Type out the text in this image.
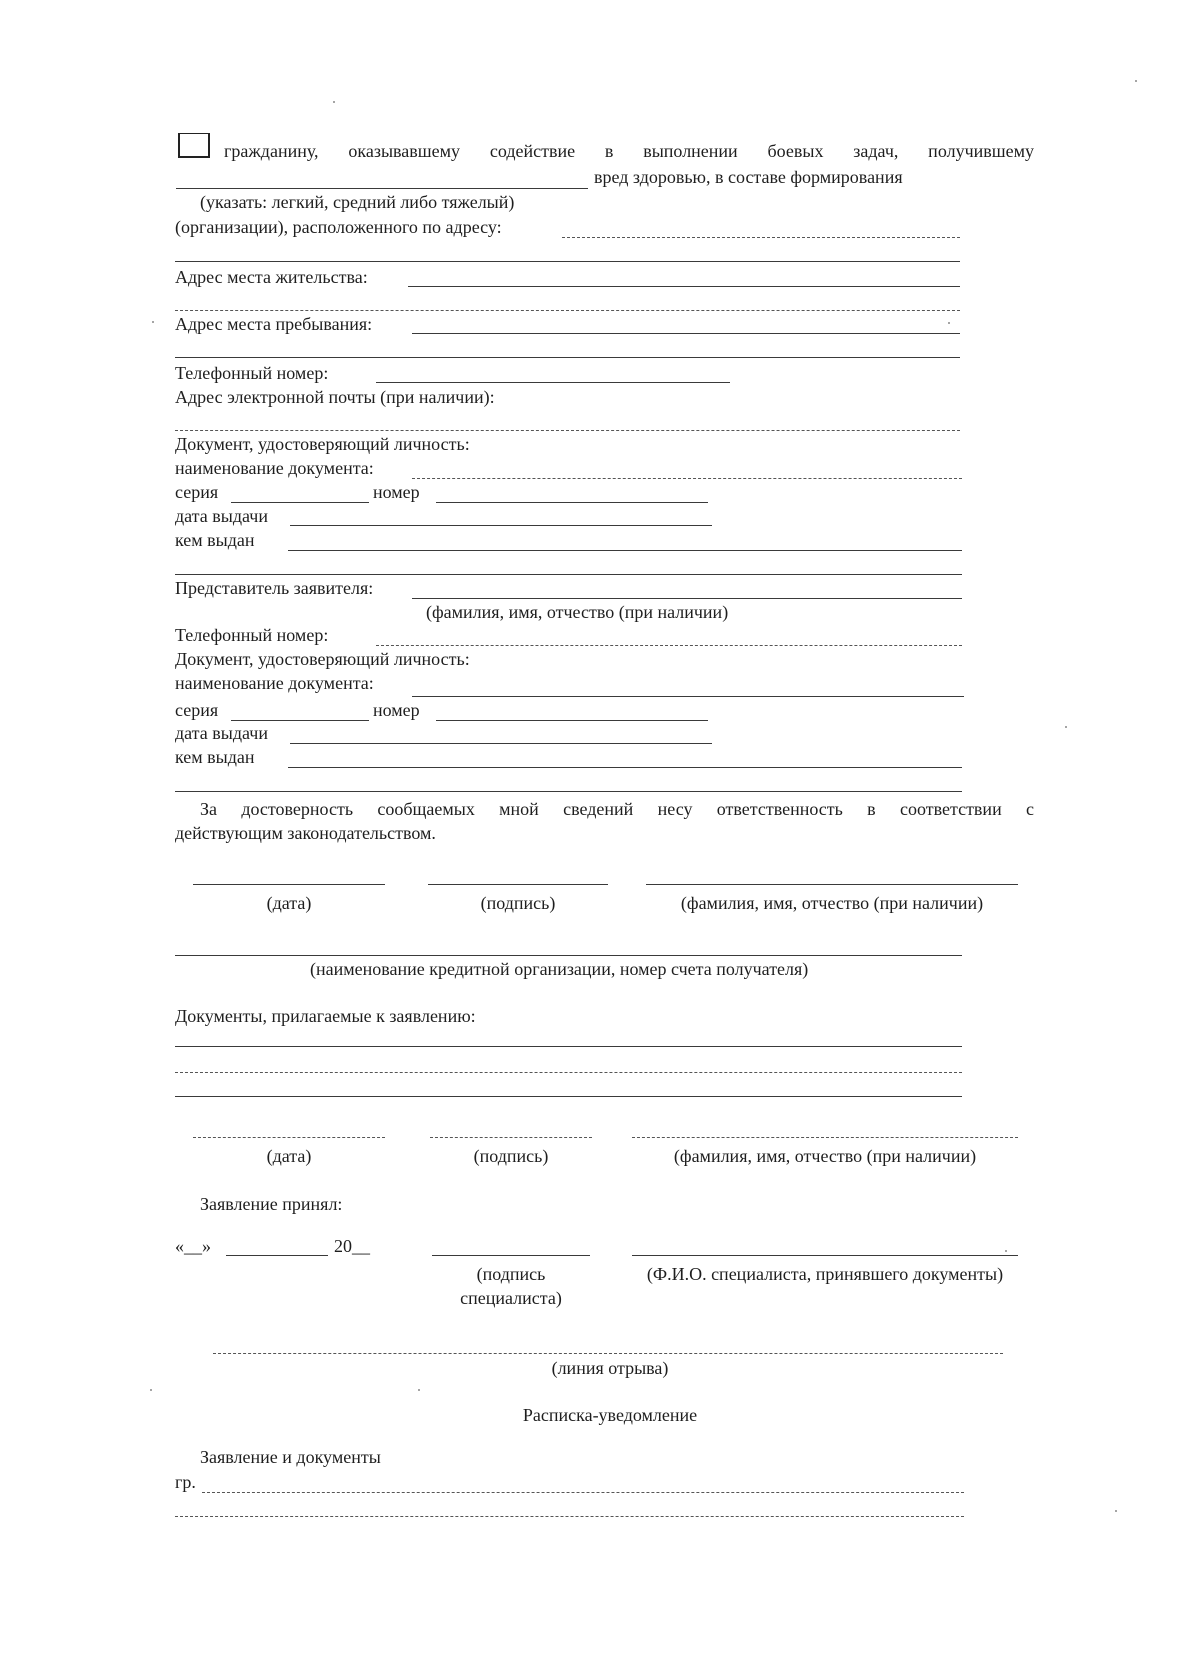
гражданину, оказывавшему содействие в выполнении боевых задач, получившему
вред здоровью, в составе формирования
(указать: легкий, средний либо тяжелый)
(организации), расположенного по адресу:
Адрес места жительства:
Адрес места пребывания:
Телефонный номер:
Адрес электронной почты (при наличии):
Документ, удостоверяющий личность:
наименование документа:
серия	номер
дата выдачи
кем выдан
Представитель заявителя:
(фамилия, имя, отчество (при наличии)
Телефонный номер:
Документ, удостоверяющий личность:
наименование документа:
серия	номер
дата выдачи
кем выдан
За достоверность сообщаемых мной сведений несу ответственность в соответствии с
действующим законодательством.
(дата)	(подпись)	(фамилия, имя, отчество (при наличии)
(наименование кредитной организации, номер счета получателя)
Документы, прилагаемые к заявлению:
(дата)	(подпись)	(фамилия, имя, отчество (при наличии)
Заявление принял:
«__»	20__
(подпись
специалиста)
(Ф.И.О. специалиста, принявшего документы)
(линия отрыва)
Расписка-уведомление
Заявление и документы
гр.
